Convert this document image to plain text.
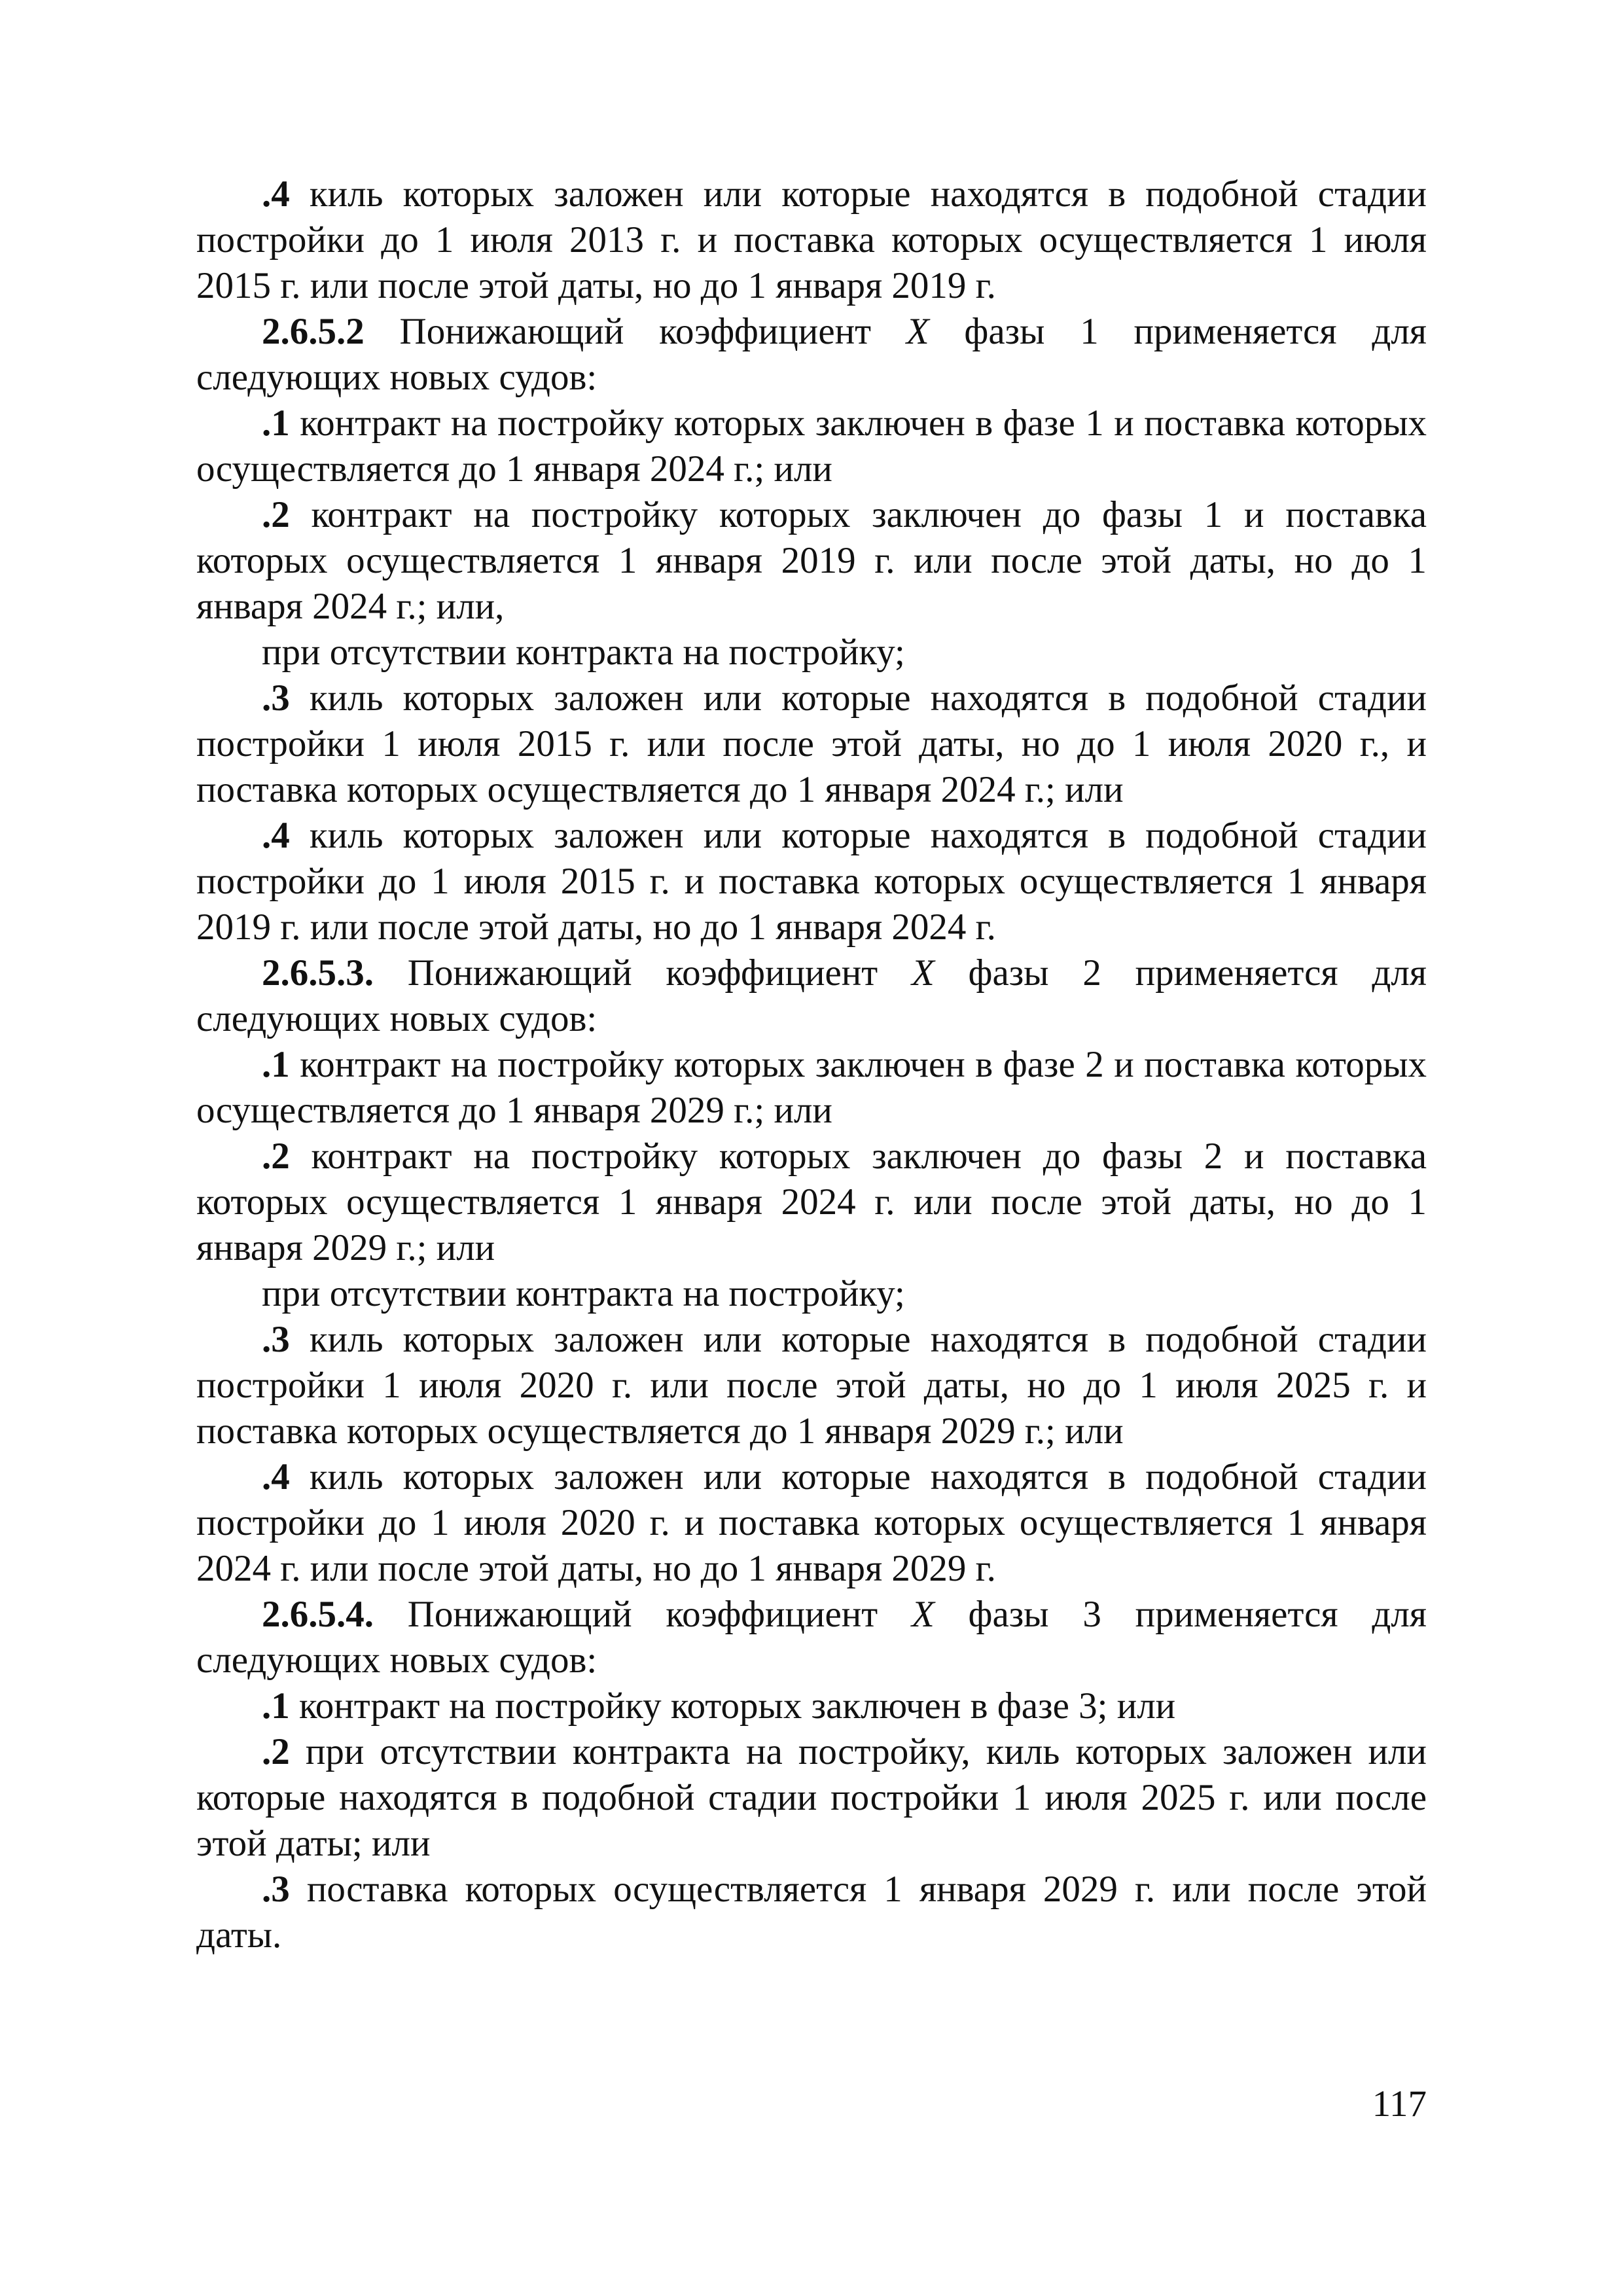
.4 киль которых заложен или которые находятся в подобной стадии постройки до 1 июля 2013 г. и поставка которых осуществляется 1 июля 2015 г. или после этой даты, но до 1 января 2019 г.

2.6.5.2 Понижающий коэффициент X фазы 1 применяется для следующих новых судов:

.1 контракт на постройку которых заключен в фазе 1 и поставка которых осуществляется до 1 января 2024 г.; или

.2 контракт на постройку которых заключен до фазы 1 и поставка которых осуществляется 1 января 2019 г. или после этой даты, но до 1 января 2024 г.; или,

при отсутствии контракта на постройку;

.3 киль которых заложен или которые находятся в подобной стадии постройки 1 июля 2015 г. или после этой даты, но до 1 июля 2020 г., и поставка которых осуществляется до 1 января 2024 г.; или

.4 киль которых заложен или которые находятся в подобной стадии постройки до 1 июля 2015 г. и поставка которых осуществляется 1 января 2019 г. или после этой даты, но до 1 января 2024 г.

2.6.5.3. Понижающий коэффициент X фазы 2 применяется для следующих новых судов:

.1 контракт на постройку которых заключен в фазе 2 и поставка которых осуществляется до 1 января 2029 г.; или

.2 контракт на постройку которых заключен до фазы 2 и поставка которых осуществляется 1 января 2024 г. или после этой даты, но до 1 января 2029 г.; или

при отсутствии контракта на постройку;

.3 киль которых заложен или которые находятся в подобной стадии постройки 1 июля 2020 г. или после этой даты, но до 1 июля 2025 г. и поставка которых осуществляется до 1 января 2029 г.; или

.4 киль которых заложен или которые находятся в подобной стадии постройки до 1 июля 2020 г. и поставка которых осуществляется 1 января 2024 г. или после этой даты, но до 1 января 2029 г.

2.6.5.4. Понижающий коэффициент X фазы 3 применяется для следующих новых судов:

.1 контракт на постройку которых заключен в фазе 3; или

.2 при отсутствии контракта на постройку, киль которых заложен или которые находятся в подобной стадии постройки 1 июля 2025 г. или после этой даты; или

.3 поставка которых осуществляется 1 января 2029 г. или после этой даты.

117
